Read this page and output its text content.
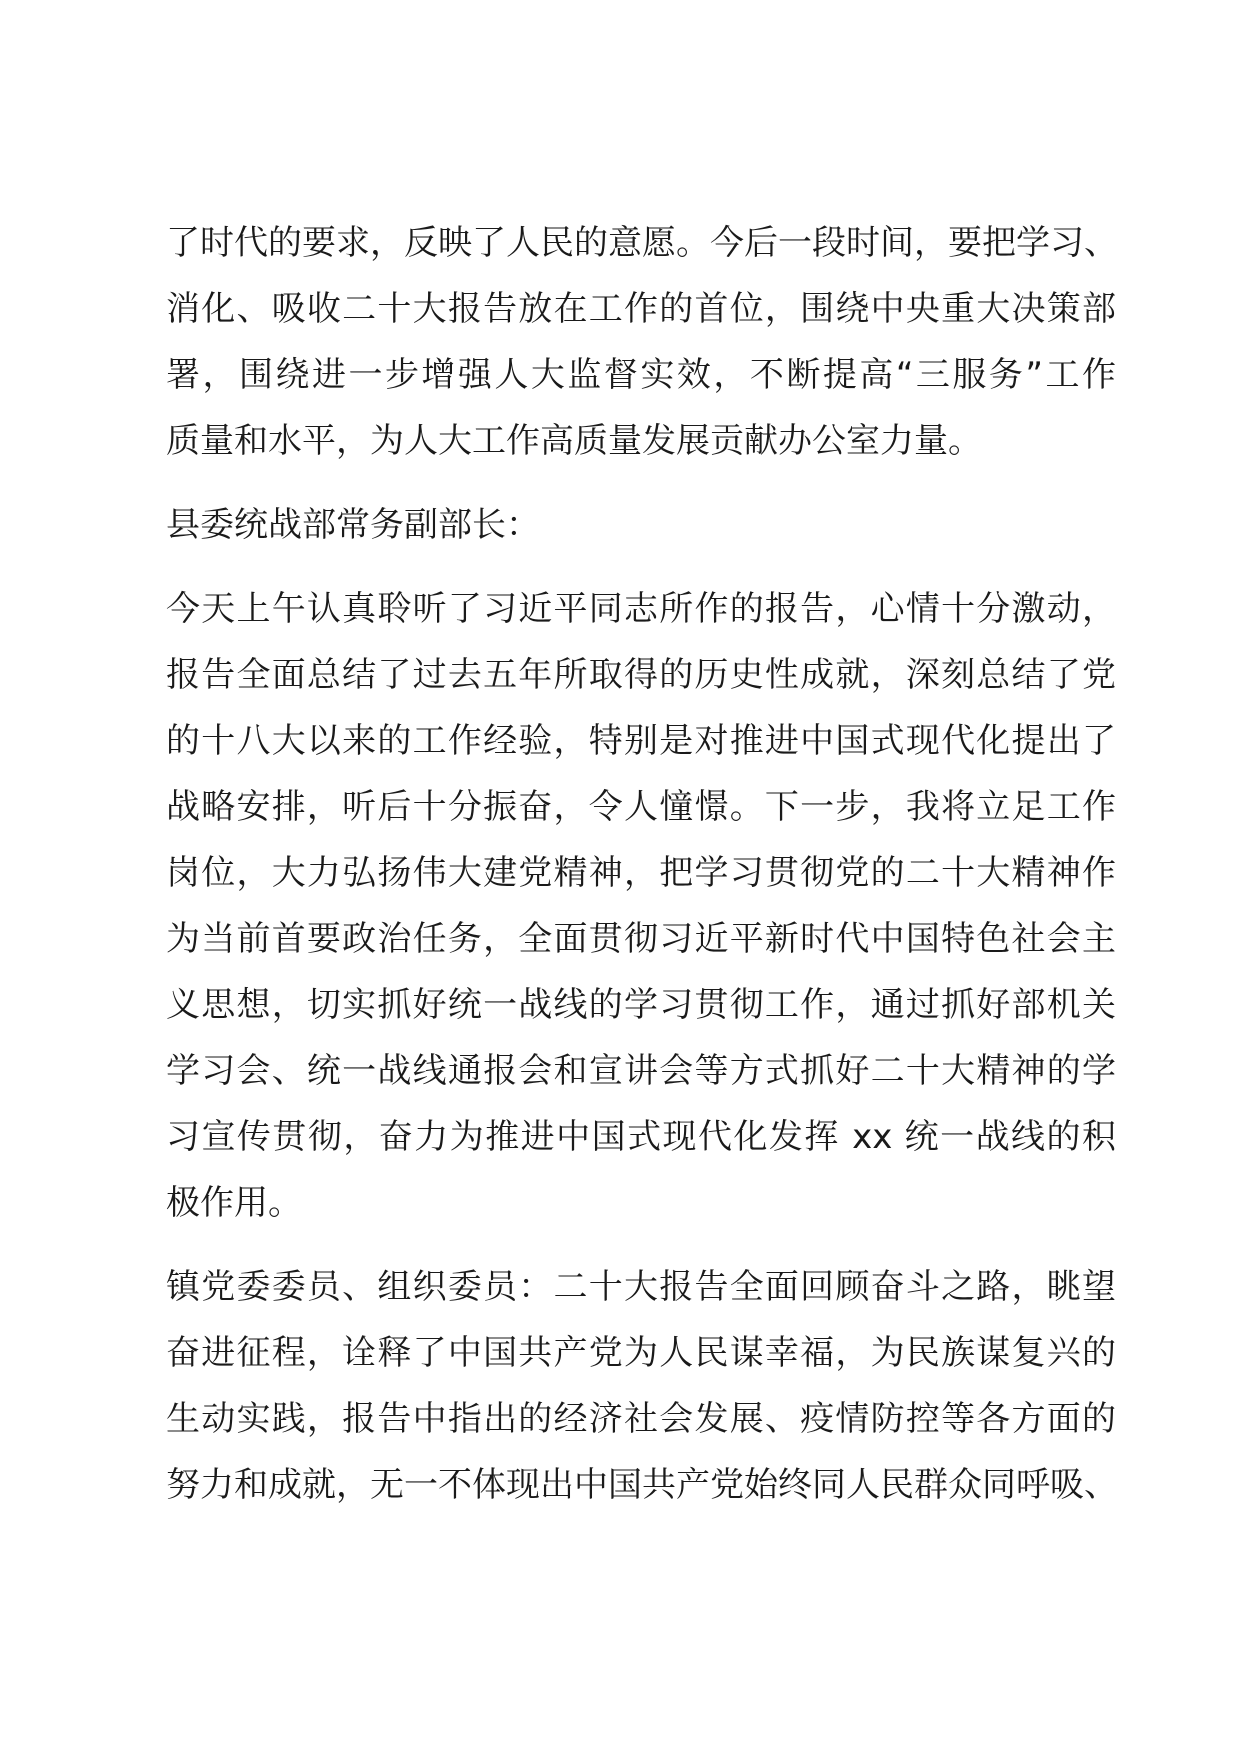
了时代的要求，反映了人民的意愿。今后一段时间，要把学习、
消化、吸收二十大报告放在工作的首位，围绕中央重大决策部
署，围绕进一步增强人大监督实效，不断提高“三服务”工作
质量和水平，为人大工作高质量发展贡献办公室力量。
县委统战部常务副部长：
今天上午认真聆听了习近平同志所作的报告，心情十分激动，
报告全面总结了过去五年所取得的历史性成就，深刻总结了党
的十八大以来的工作经验，特别是对推进中国式现代化提出了
战略安排，听后十分振奋，令人憧憬。下一步，我将立足工作
岗位，大力弘扬伟大建党精神，把学习贯彻党的二十大精神作
为当前首要政治任务，全面贯彻习近平新时代中国特色社会主
义思想，切实抓好统一战线的学习贯彻工作，通过抓好部机关
学习会、统一战线通报会和宣讲会等方式抓好二十大精神的学
习宣传贯彻，奋力为推进中国式现代化发挥 xx 统一战线的积
极作用。
镇党委委员、组织委员：二十大报告全面回顾奋斗之路，眺望
奋进征程，诠释了中国共产党为人民谋幸福，为民族谋复兴的
生动实践，报告中指出的经济社会发展、疫情防控等各方面的
努力和成就，无一不体现出中国共产党始终同人民群众同呼吸、
